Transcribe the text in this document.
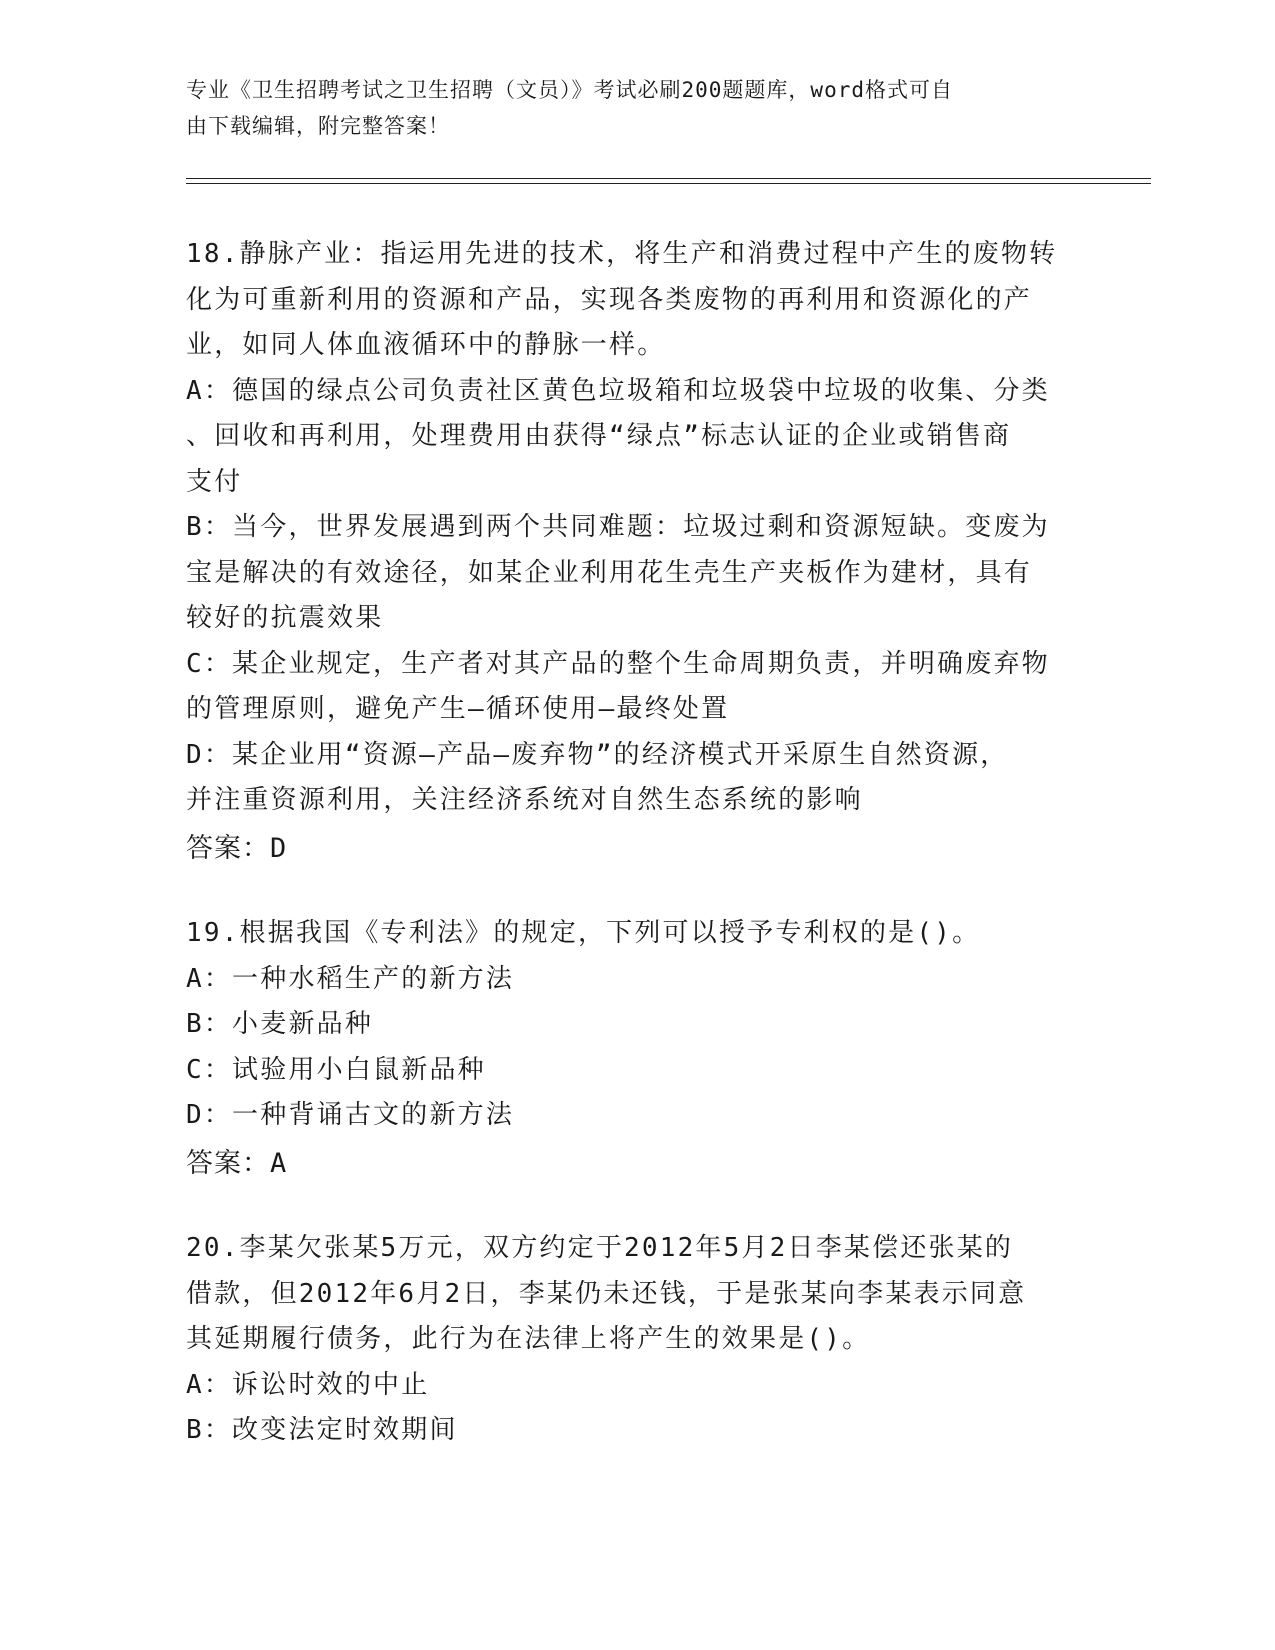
专业《卫生招聘考试之卫生招聘（文员）》考试必刷200题题库，word格式可自
由下载编辑，附完整答案！

18.静脉产业：指运用先进的技术，将生产和消费过程中产生的废物转

化为可重新利用的资源和产品，实现各类废物的再利用和资源化的产

业，如同人体血液循环中的静脉一样。

A：德国的绿点公司负责社区黄色垃圾箱和垃圾袋中垃圾的收集、分类

、回收和再利用，处理费用由获得“绿点”标志认证的企业或销售商

支付

B：当今，世界发展遇到两个共同难题：垃圾过剩和资源短缺。变废为

宝是解决的有效途径，如某企业利用花生壳生产夹板作为建材，具有

较好的抗震效果

C：某企业规定，生产者对其产品的整个生命周期负责，并明确废弃物

的管理原则，避免产生—循环使用—最终处置

D：某企业用“资源—产品—废弃物”的经济模式开采原生自然资源，

并注重资源利用，关注经济系统对自然生态系统的影响

答案：D

19.根据我国《专利法》的规定，下列可以授予专利权的是()。

A：一种水稻生产的新方法

B：小麦新品种

C：试验用小白鼠新品种

D：一种背诵古文的新方法

答案：A

20.李某欠张某5万元，双方约定于2012年5月2日李某偿还张某的

借款，但2012年6月2日，李某仍未还钱，于是张某向李某表示同意

其延期履行债务，此行为在法律上将产生的效果是()。

A：诉讼时效的中止

B：改变法定时效期间
